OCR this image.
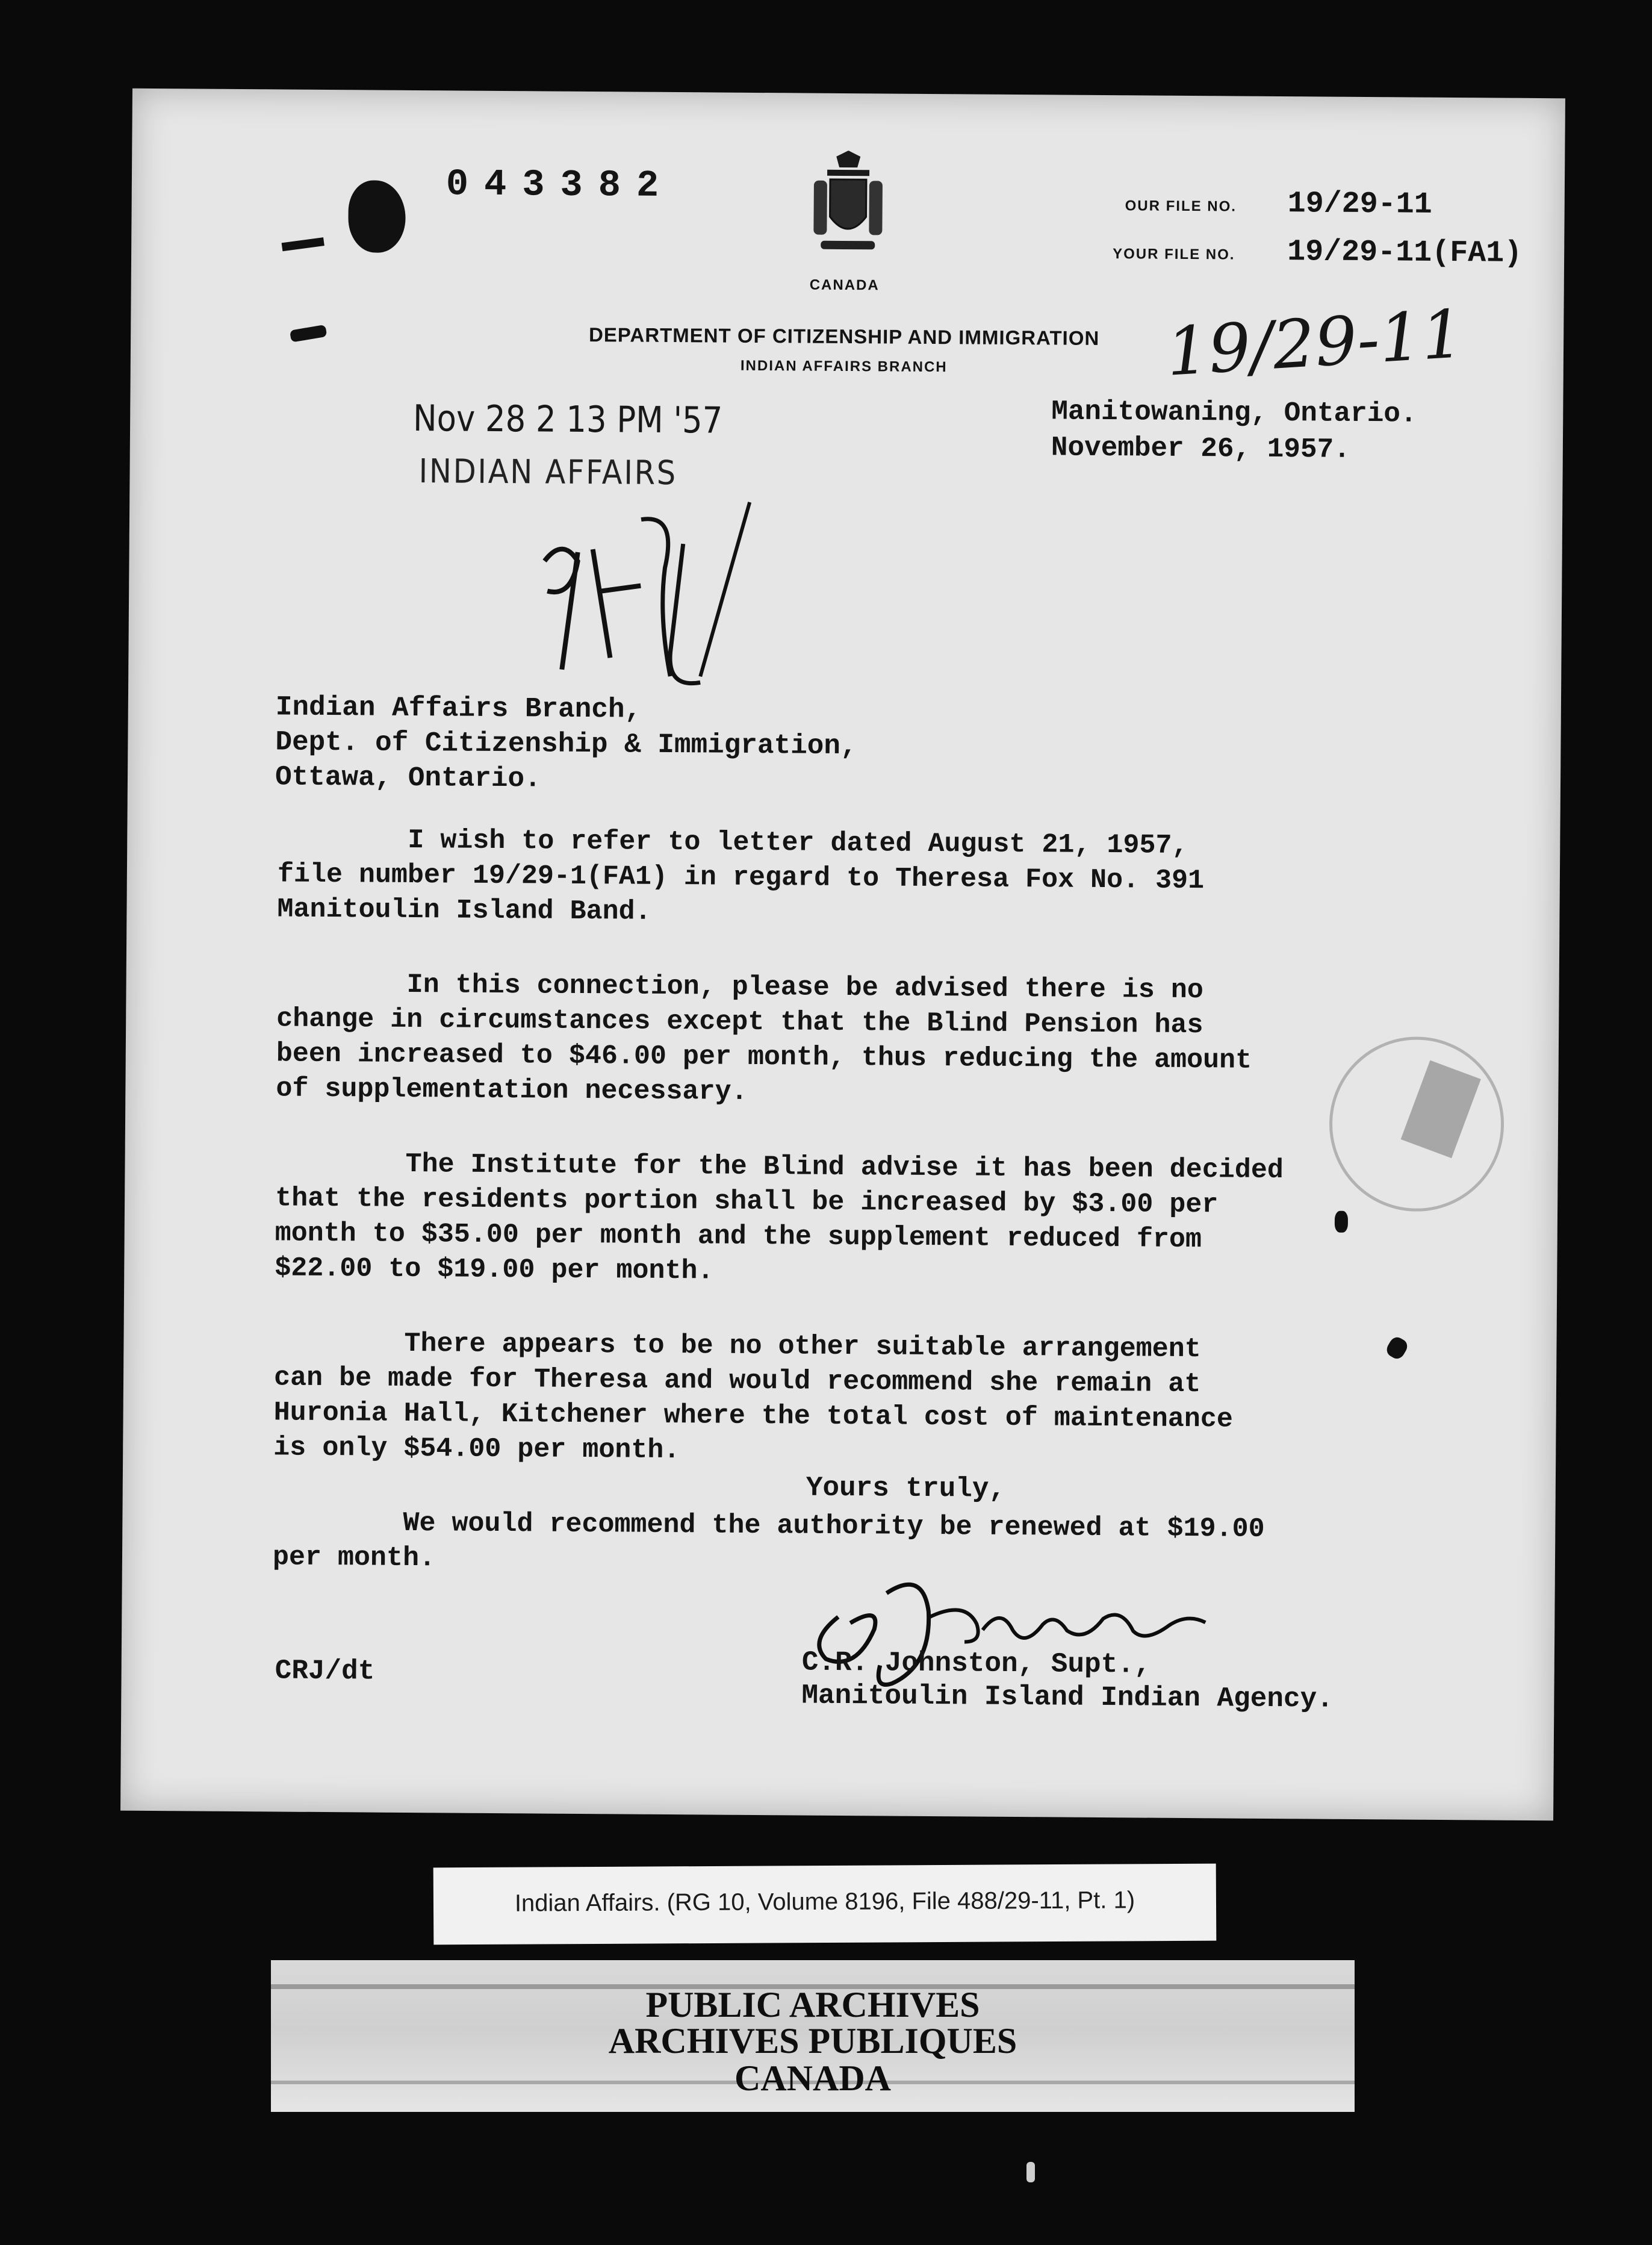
043382
CANADA
DEPARTMENT OF CITIZENSHIP AND IMMIGRATION
INDIAN AFFAIRS BRANCH
OUR FILE NO. 19/29-11
YOUR FILE NO. 19/29-11(FA1)
19/29-11
Nov 28 2 13 PM '57
INDIAN AFFAIRS
Manitowaning, Ontario.
November 26, 1957.
Indian Affairs Branch,
Dept. of Citizenship & Immigration,
Ottawa, Ontario.
I wish to refer to letter dated August 21, 1957,
file number 19/29-1(FA1) in regard to Theresa Fox No. 391
Manitoulin Island Band.
In this connection, please be advised there is no
change in circumstances except that the Blind Pension has
been increased to $46.00 per month, thus reducing the amount
of supplementation necessary.
The Institute for the Blind advise it has been decided
that the residents portion shall be increased by $3.00 per
month to $35.00 per month and the supplement reduced from
$22.00 to $19.00 per month.
There appears to be no other suitable arrangement
can be made for Theresa and would recommend she remain at
Huronia Hall, Kitchener where the total cost of maintenance
is only $54.00 per month.
We would recommend the authority be renewed at $19.00
per month.
Yours truly,
C.R. Johnston, Supt.,
Manitoulin Island Indian Agency.
CRJ/dt
Indian Affairs. (RG 10, Volume 8196, File 488/29-11, Pt. 1)
PUBLIC ARCHIVES
ARCHIVES PUBLIQUES
CANADA
